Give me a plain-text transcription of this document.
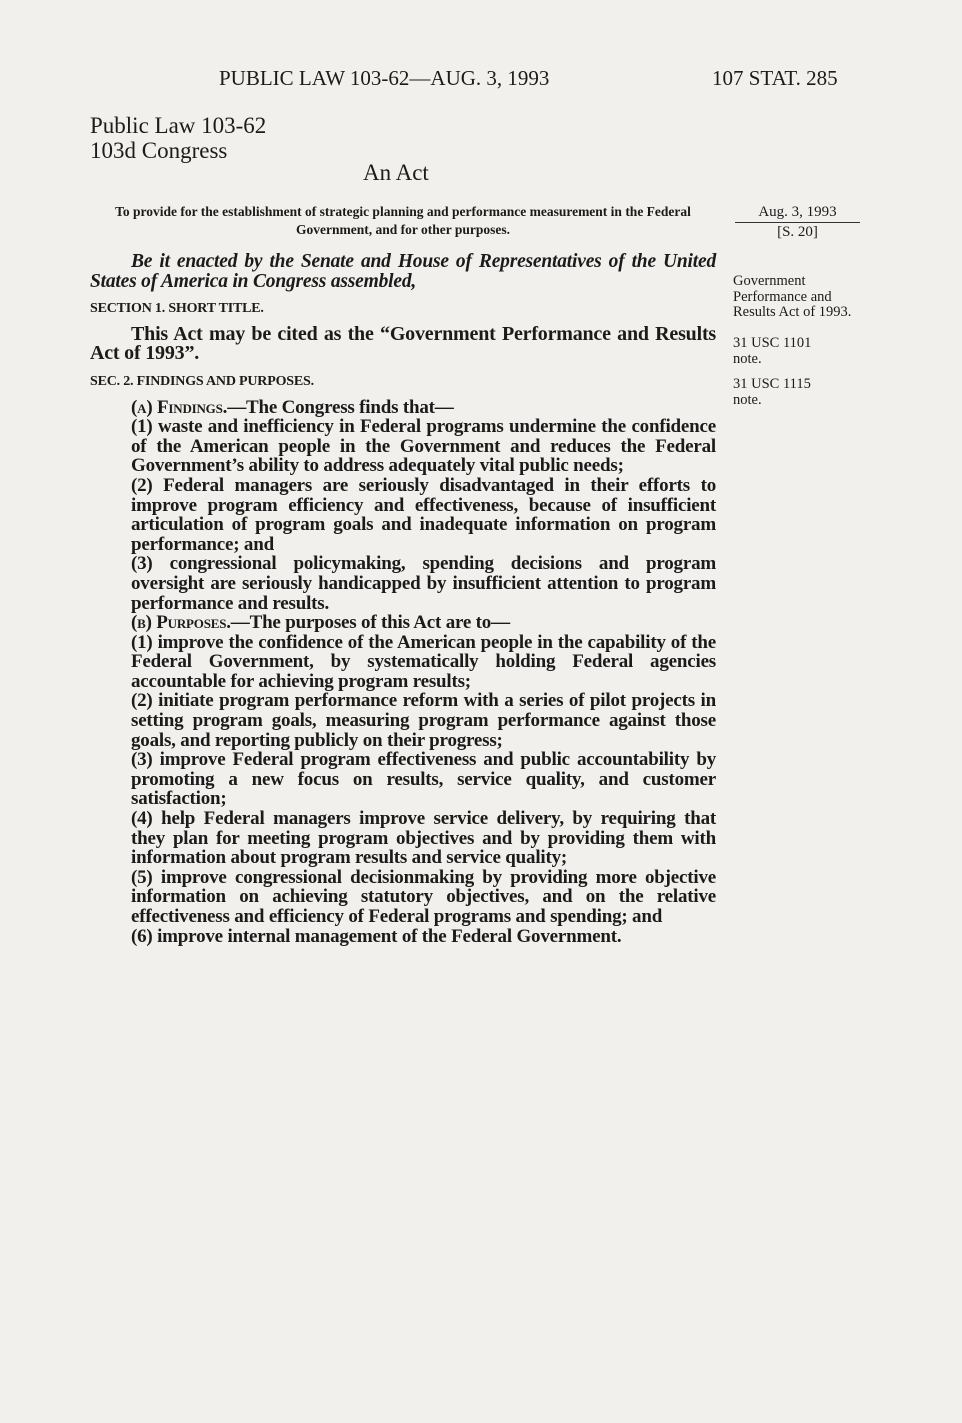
PUBLIC LAW 103-62—AUG. 3, 1993	107 STAT. 285
Public Law 103-62
103d Congress
An Act
To provide for the establishment of strategic planning and performance measurement in the Federal Government, and for other purposes.
Aug. 3, 1993
[S. 20]
Government Performance and Results Act of 1993.
31 USC 1101 note.
31 USC 1115 note.

Be it enacted by the Senate and House of Representatives of the United States of America in Congress assembled,

SECTION 1. SHORT TITLE.

This Act may be cited as the “Government Performance and Results Act of 1993”.

SEC. 2. FINDINGS AND PURPOSES.

(a) Findings.—The Congress finds that—

(1) waste and inefficiency in Federal programs undermine the confidence of the American people in the Government and reduces the Federal Government’s ability to address adequately vital public needs;

(2) Federal managers are seriously disadvantaged in their efforts to improve program efficiency and effectiveness, because of insufficient articulation of program goals and inadequate information on program performance; and

(3) congressional policymaking, spending decisions and program oversight are seriously handicapped by insufficient attention to program performance and results.

(b) Purposes.—The purposes of this Act are to—

(1) improve the confidence of the American people in the capability of the Federal Government, by systematically holding Federal agencies accountable for achieving program results;

(2) initiate program performance reform with a series of pilot projects in setting program goals, measuring program performance against those goals, and reporting publicly on their progress;

(3) improve Federal program effectiveness and public accountability by promoting a new focus on results, service quality, and customer satisfaction;

(4) help Federal managers improve service delivery, by requiring that they plan for meeting program objectives and by providing them with information about program results and service quality;

(5) improve congressional decisionmaking by providing more objective information on achieving statutory objectives, and on the relative effectiveness and efficiency of Federal programs and spending; and

(6) improve internal management of the Federal Government.
